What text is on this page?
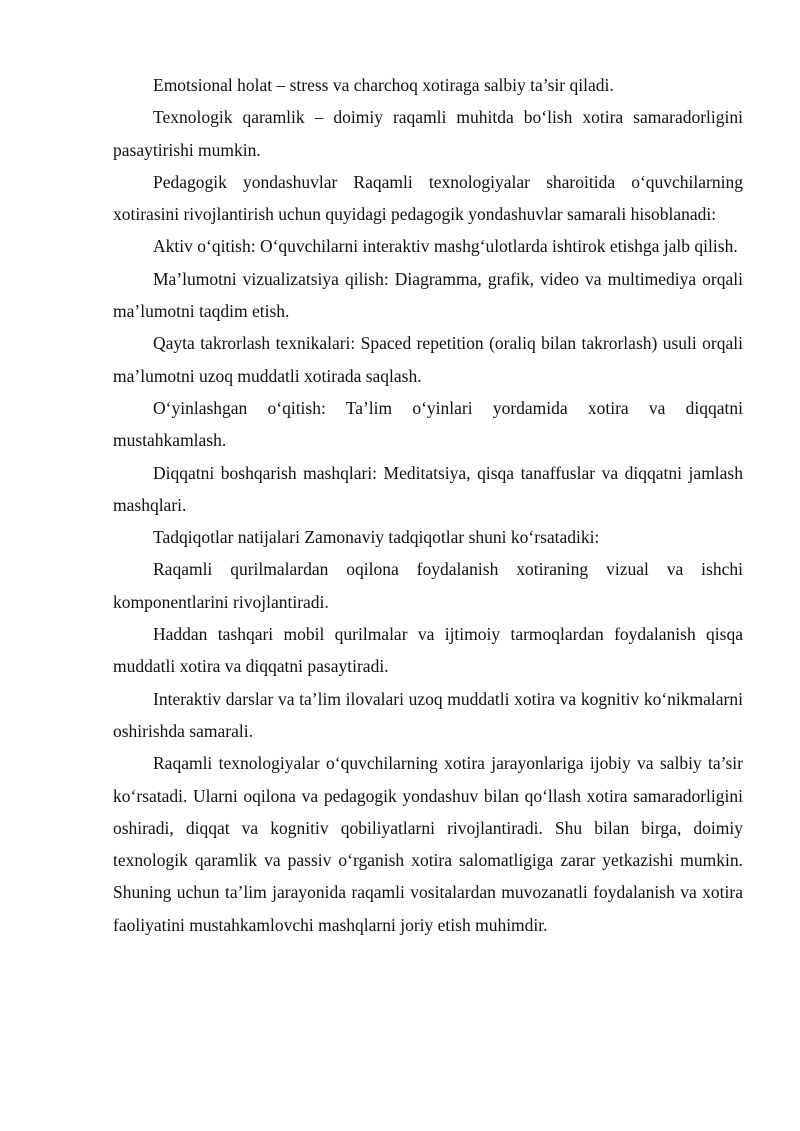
Emotsional holat – stress va charchoq xotiraga salbiy ta’sir qiladi.

Texnologik qaramlik – doimiy raqamli muhitda bo‘lish xotira samaradorligini pasaytirishi mumkin.

Pedagogik yondashuvlar Raqamli texnologiyalar sharoitida o‘quvchilarning xotirasini rivojlantirish uchun quyidagi pedagogik yondashuvlar samarali hisoblanadi:

Aktiv o‘qitish: O‘quvchilarni interaktiv mashg‘ulotlarda ishtirok etishga jalb qilish.

Ma’lumotni vizualizatsiya qilish: Diagramma, grafik, video va multimediya orqali ma’lumotni taqdim etish.

Qayta takrorlash texnikalari: Spaced repetition (oraliq bilan takrorlash) usuli orqali ma’lumotni uzoq muddatli xotirada saqlash.

O‘yinlashgan o‘qitish: Ta’lim o‘yinlari yordamida xotira va diqqatni mustahkamlash.

Diqqatni boshqarish mashqlari: Meditatsiya, qisqa tanaffuslar va diqqatni jamlash mashqlari.

Tadqiqotlar natijalari Zamonaviy tadqiqotlar shuni ko‘rsatadiki:

Raqamli qurilmalardan oqilona foydalanish xotiraning vizual va ishchi komponentlarini rivojlantiradi.

Haddan tashqari mobil qurilmalar va ijtimoiy tarmoqlardan foydalanish qisqa muddatli xotira va diqqatni pasaytiradi.

Interaktiv darslar va ta’lim ilovalari uzoq muddatli xotira va kognitiv ko‘nikmalarni oshirishda samarali.

Raqamli texnologiyalar o‘quvchilarning xotira jarayonlariga ijobiy va salbiy ta’sir ko‘rsatadi. Ularni oqilona va pedagogik yondashuv bilan qo‘llash xotira samaradorligini oshiradi, diqqat va kognitiv qobiliyatlarni rivojlantiradi. Shu bilan birga, doimiy texnologik qaramlik va passiv o‘rganish xotira salomatligiga zarar yetkazishi mumkin. Shuning uchun ta’lim jarayonida raqamli vositalardan muvozanatli foydalanish va xotira faoliyatini mustahkamlovchi mashqlarni joriy etish muhimdir.
